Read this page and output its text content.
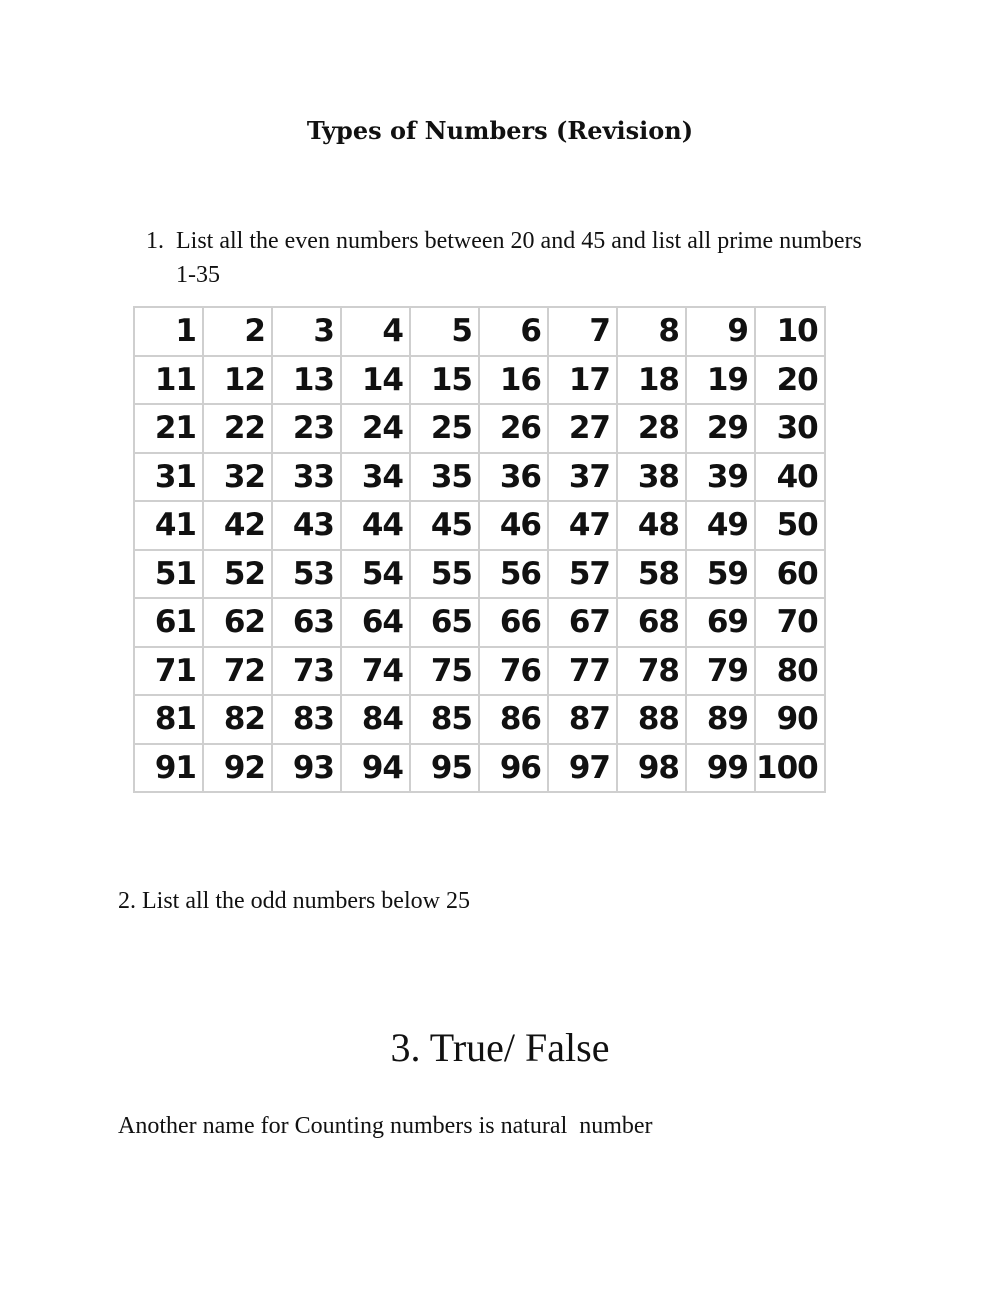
Types of Numbers (Revision)
1. List all the even numbers between 20 and 45 and list all prime numbers 1-35
1	2	3	4	5	6	7	8	9	10
11	12	13	14	15	16	17	18	19	20
21	22	23	24	25	26	27	28	29	30
31	32	33	34	35	36	37	38	39	40
41	42	43	44	45	46	47	48	49	50
51	52	53	54	55	56	57	58	59	60
61	62	63	64	65	66	67	68	69	70
71	72	73	74	75	76	77	78	79	80
81	82	83	84	85	86	87	88	89	90
91	92	93	94	95	96	97	98	99	100

2. List all the odd numbers below 25

3. True/ False

Another name for Counting numbers is natural  number
